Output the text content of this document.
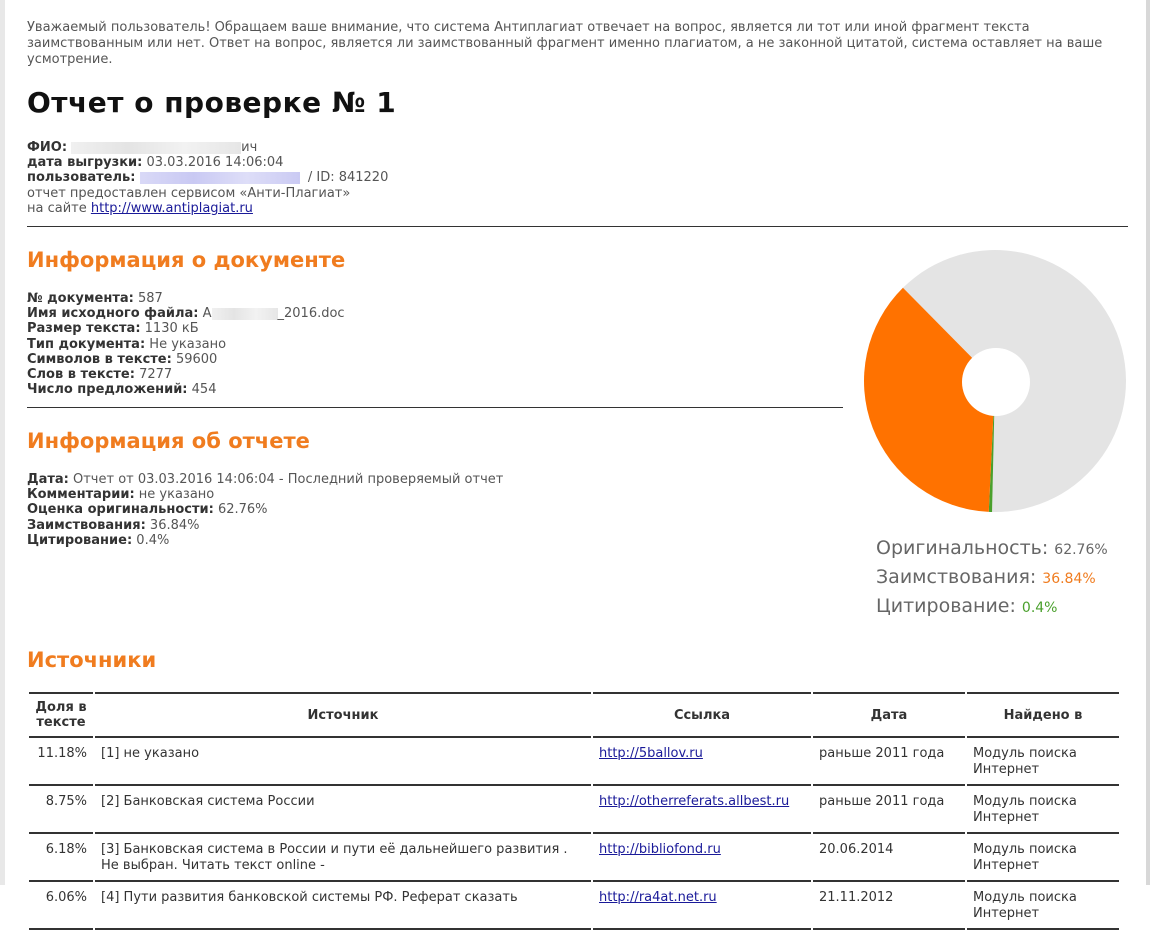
Уважаемый пользователь! Обращаем ваше внимание, что система Антиплагиат отвечает на вопрос, является ли тот или иной фрагмент текста заимствованным или нет. Ответ на вопрос, является ли заимствованный фрагмент именно плагиатом, а не законной цитатой, система оставляет на ваше усмотрение.
Отчет о проверке № 1
ФИО:	ич
дата выгрузки: 03.03.2016 14:06:04
пользователь:	/ ID: 841220
отчет предоставлен сервисом «Анти-Плагиат»
на сайте http://www.antiplagiat.ru
Информация о документе
№ документа: 587
Имя исходного файла: А	_2016.doc
Размер текста: 1130 кБ
Тип документа: Не указано
Символов в тексте: 59600
Слов в тексте: 7277
Число предложений: 454
Информация об отчете
Дата: Отчет от 03.03.2016 14:06:04 - Последний проверяемый отчет
Комментарии: не указано
Оценка оригинальности: 62.76%
Заимствования: 36.84%
Цитирование: 0.4%	Оригинальность: 62.76%
Заимствования: 36.84%
Цитирование: 0.4%
Источники
Доля в тексте	Источник	Ссылка	Дата	Найдено в
11.18%	[1] не указано	http://5ballov.ru	раньше 2011 года	Модуль поиска Интернет
8.75%	[2] Банковская система России	http://otherreferats.allbest.ru	раньше 2011 года	Модуль поиска Интернет
6.18%	[3] Банковская система в России и пути её дальнейшего развития . Не выбран. Читать текст online -	http://bibliofond.ru	20.06.2014	Модуль поиска Интернет
6.06%	[4] Пути развития банковской системы РФ. Реферат сказать	http://ra4at.net.ru	21.11.2012	Модуль поиска Интернет
